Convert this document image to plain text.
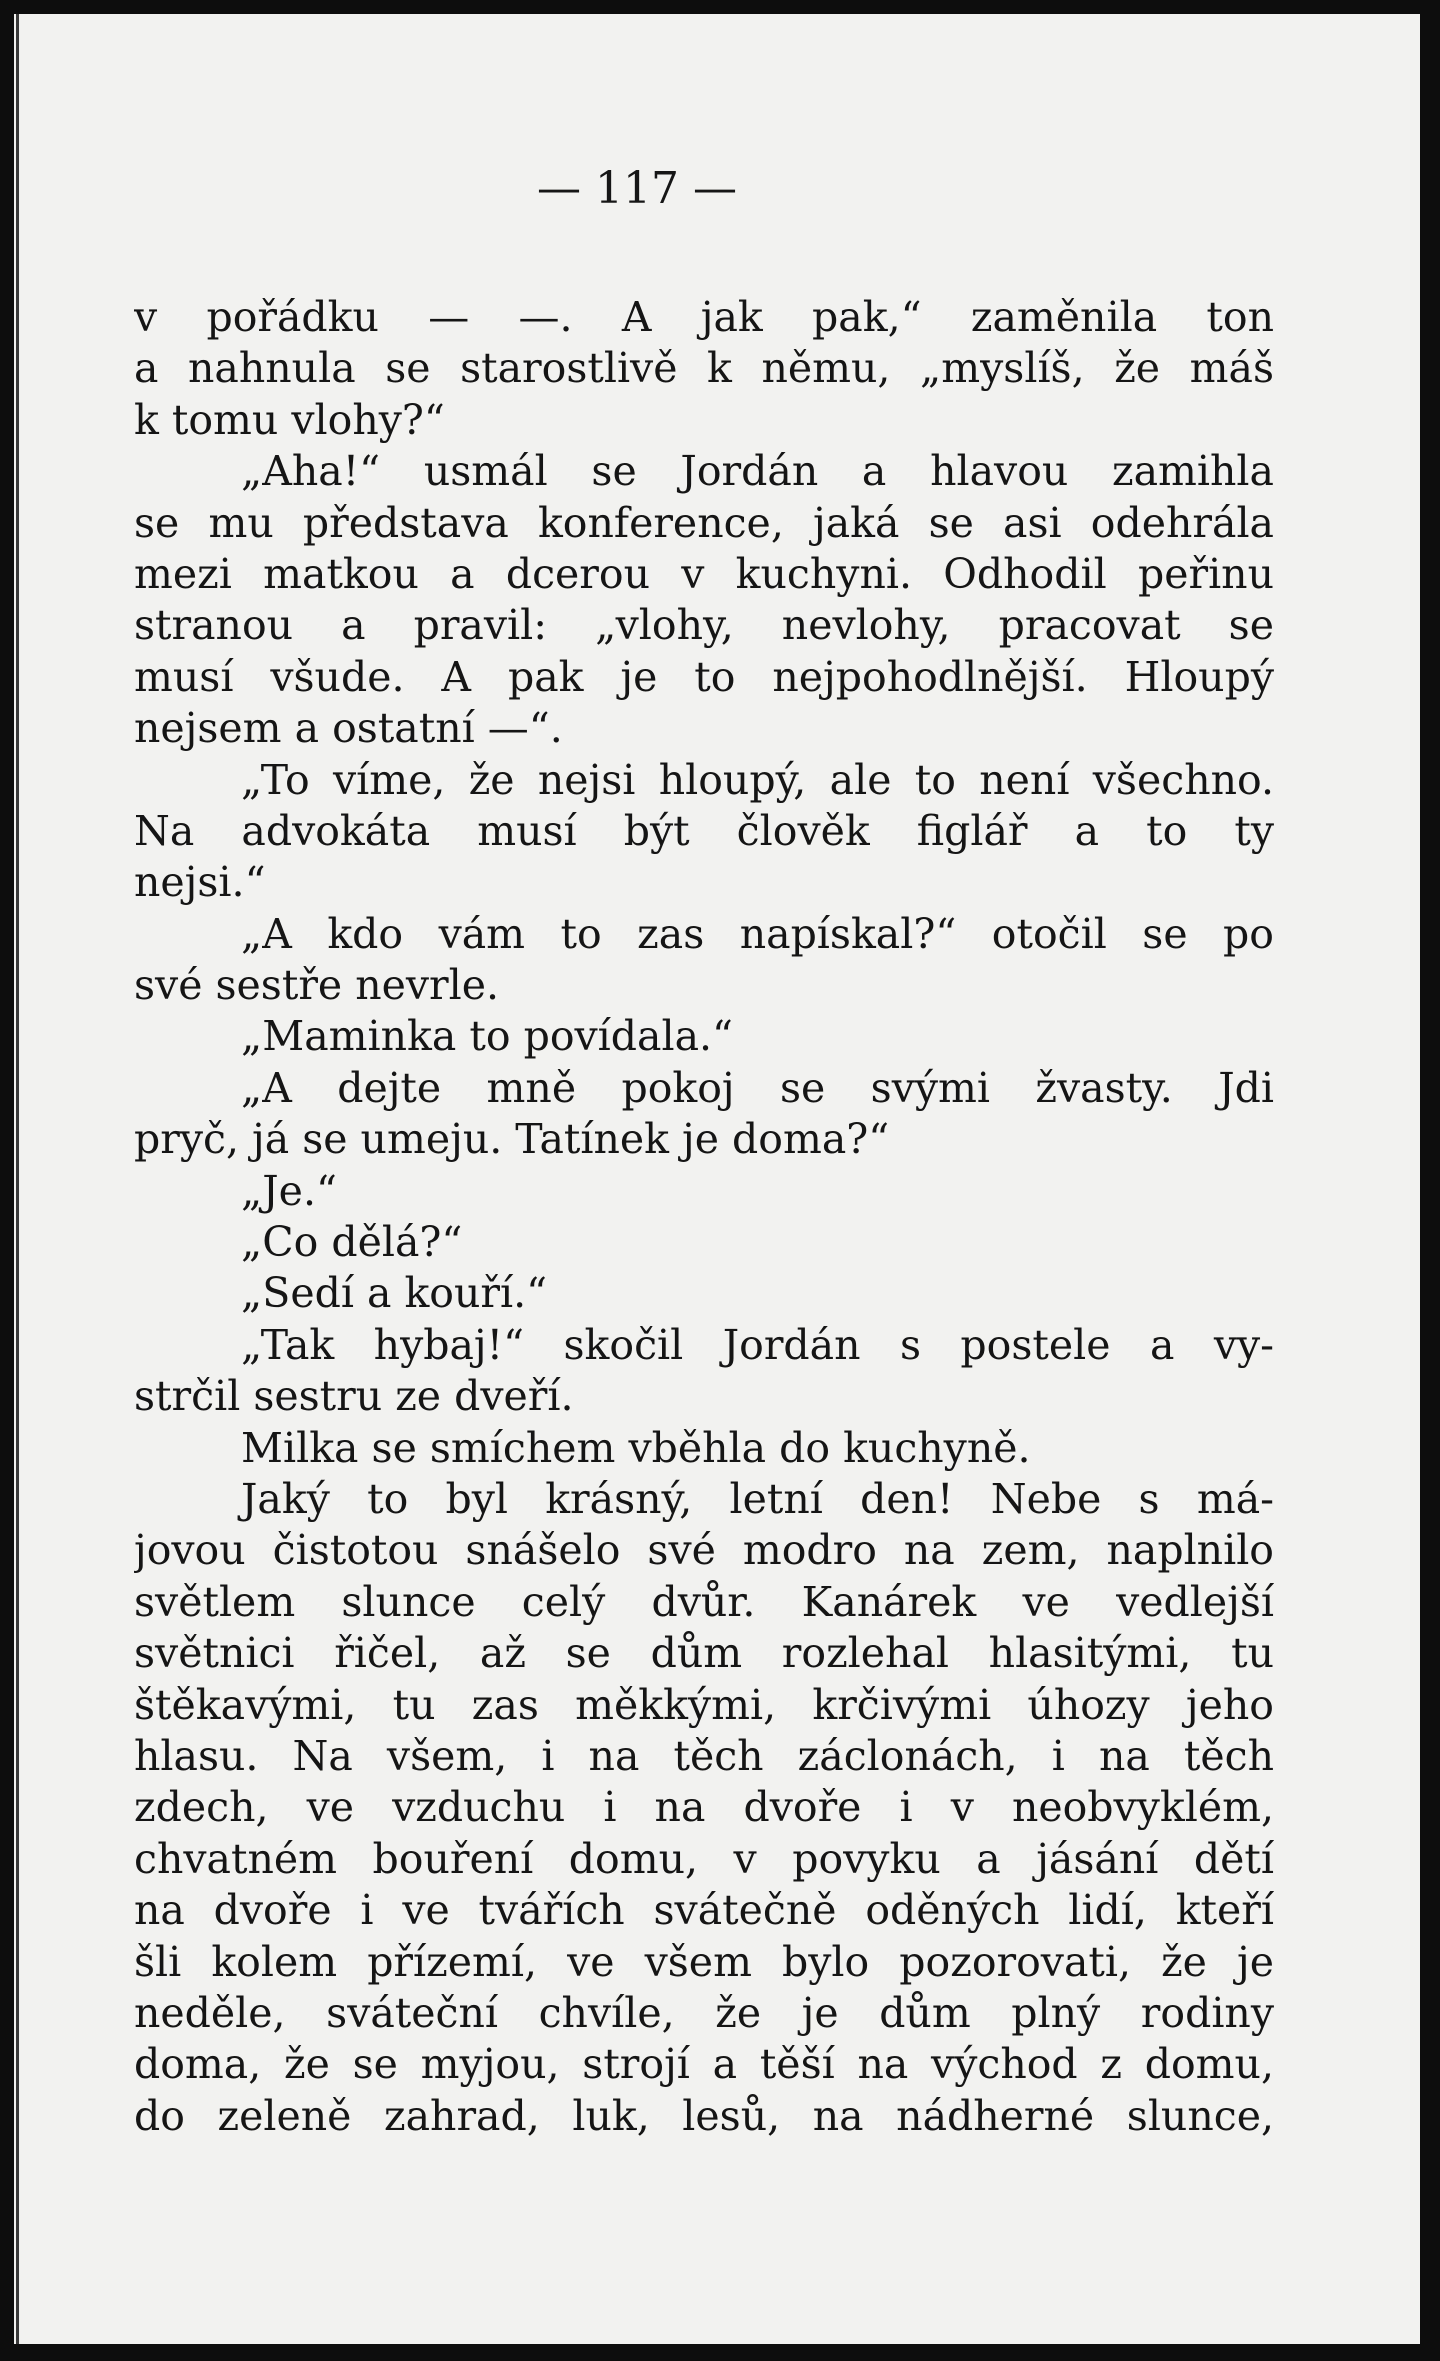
— 117 —
v pořádku — —. A jak pak,“ zaměnila ton
a nahnula se starostlivě k němu, „myslíš, že máš
k tomu vlohy?“
„Aha!“ usmál se Jordán a hlavou zamihla
se mu představa konference, jaká se asi odehrála
mezi matkou a dcerou v kuchyni. Odhodil peřinu
stranou a pravil: „vlohy, nevlohy, pracovat se
musí všude. A pak je to nejpohodlnější. Hloupý
nejsem a ostatní —“.
„To víme, že nejsi hloupý, ale to není všechno.
Na advokáta musí být člověk figlář a to ty
nejsi.“
„A kdo vám to zas napískal?“ otočil se po
své sestře nevrle.
„Maminka to povídala.“
„A dejte mně pokoj se svými žvasty. Jdi
pryč, já se umeju. Tatínek je doma?“
„Je.“
„Co dělá?“
„Sedí a kouří.“
„Tak hybaj!“ skočil Jordán s postele a vy-
strčil sestru ze dveří.
Milka se smíchem vběhla do kuchyně.
Jaký to byl krásný, letní den! Nebe s má-
jovou čistotou snášelo své modro na zem, naplnilo
světlem slunce celý dvůr. Kanárek ve vedlejší
světnici řičel, až se dům rozlehal hlasitými, tu
štěkavými, tu zas měkkými, krčivými úhozy jeho
hlasu. Na všem, i na těch záclonách, i na těch
zdech, ve vzduchu i na dvoře i v neobvyklém,
chvatném bouření domu, v povyku a jásání dětí
na dvoře i ve tvářích svátečně oděných lidí, kteří
šli kolem přízemí, ve všem bylo pozorovati, že je
neděle, sváteční chvíle, že je dům plný rodiny
doma, že se myjou, strojí a těší na východ z domu,
do zeleně zahrad, luk, lesů, na nádherné slunce,
